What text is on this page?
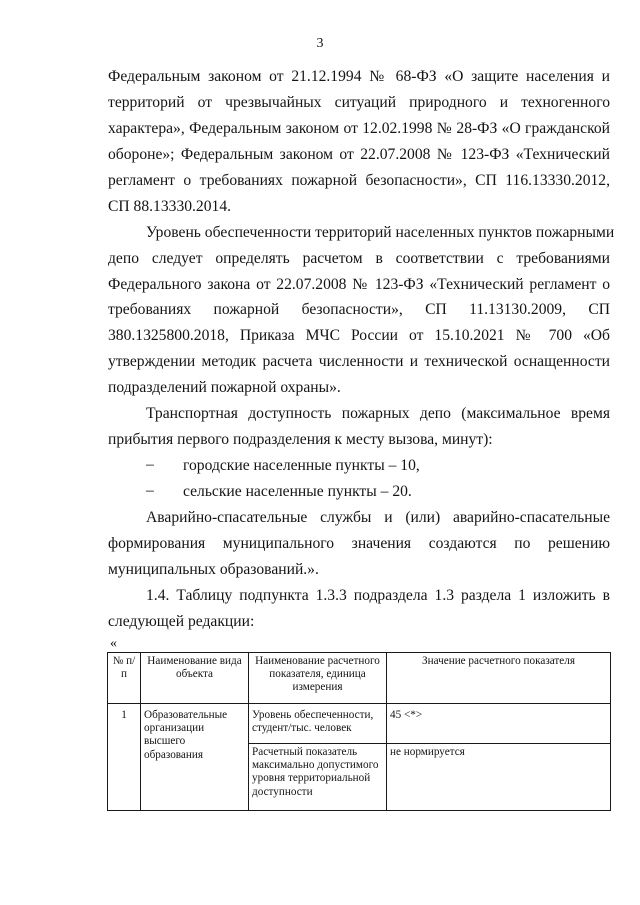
3
Федеральным законом от 21.12.1994 № 68-ФЗ «О защите населения и
территорий от чрезвычайных ситуаций природного и техногенного
характера», Федеральным законом от 12.02.1998 № 28-ФЗ «О гражданской
обороне»; Федеральным законом от 22.07.2008 № 123-ФЗ «Технический
регламент о требованиях пожарной безопасности», СП 116.13330.2012,
СП 88.13330.2014.
Уровень обеспеченности территорий населенных пунктов пожарными
депо следует определять расчетом в соответствии с требованиями
Федерального закона от 22.07.2008 № 123-ФЗ «Технический регламент о
требованиях пожарной безопасности», СП 11.13130.2009, СП
380.1325800.2018, Приказа МЧС России от 15.10.2021 № 700 «Об
утверждении методик расчета численности и технической оснащенности
подразделений пожарной охраны».
Транспортная доступность пожарных депо (максимальное время
прибытия первого подразделения к месту вызова, минут):
– городские населенные пункты – 10,
– сельские населенные пункты – 20.
Аварийно-спасательные службы и (или) аварийно-спасательные
формирования муниципального значения создаются по решению
муниципальных образований.».
1.4. Таблицу подпункта 1.3.3 подраздела 1.3 раздела 1 изложить в
следующей редакции:
«
№ п/п	Наименование вида объекта	Наименование расчетного показателя, единица измерения	Значение расчетного показателя
1	Образовательные организации высшего образования	Уровень обеспеченности, студент/тыс. человек	45 <*>
		Расчетный показатель максимально допустимого уровня территориальной доступности	не нормируется
